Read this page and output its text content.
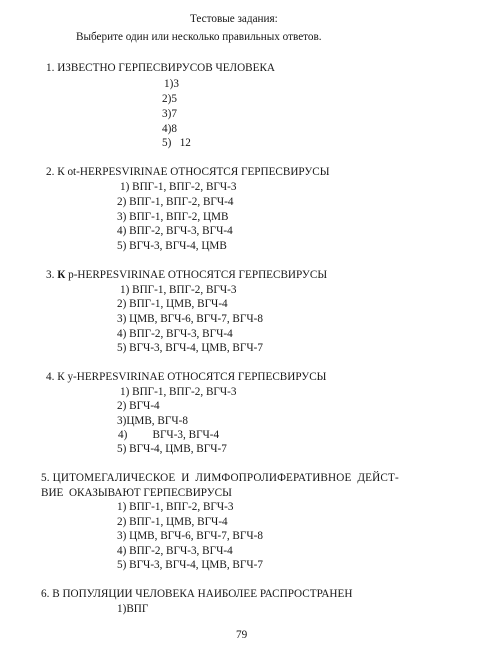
Тестовые задания:

Выберите один или несколько правильных ответов.

1. ИЗВЕСТНО ГЕРПЕСВИРУСОВ ЧЕЛОВЕКА

1)3

2)5

3)7

4)8

5)   12

2. К ot-HERPESVIRINAE ОТНОСЯТСЯ ГЕРПЕСВИРУСЫ

1) ВПГ-1, ВПГ-2, ВГЧ-3

2) ВПГ-1, ВПГ-2, ВГЧ-4

3) ВПГ-1, ВПГ-2, ЦМВ

4) ВПГ-2, ВГЧ-3, ВГЧ-4

5) ВГЧ-3, ВГЧ-4, ЦМВ

3. К p-HERPESVIRINAE ОТНОСЯТСЯ ГЕРПЕСВИРУСЫ

1) ВПГ-1, ВПГ-2, ВГЧ-3

2) ВПГ-1, ЦМВ, ВГЧ-4

3) ЦМВ, ВГЧ-6, ВГЧ-7, ВГЧ-8

4) ВПГ-2, ВГЧ-3, ВГЧ-4

5) ВГЧ-3, ВГЧ-4, ЦМВ, ВГЧ-7

4. К y-HERPESVIRINAE ОТНОСЯТСЯ ГЕРПЕСВИРУСЫ

1) ВПГ-1, ВПГ-2, ВГЧ-3

2) ВГЧ-4

3)ЦМВ, ВГЧ-8

4)         ВГЧ-3, ВГЧ-4

5) ВГЧ-4, ЦМВ, ВГЧ-7

5. ЦИТОМЕГАЛИЧЕСКОЕ  И  ЛИМФОПРОЛИФЕРАТИВНОЕ  ДЕЙСТ-

ВИЕ  ОКАЗЫВАЮТ ГЕРПЕСВИРУСЫ

1) ВПГ-1, ВПГ-2, ВГЧ-3

2) ВПГ-1, ЦМВ, ВГЧ-4

3) ЦМВ, ВГЧ-6, ВГЧ-7, ВГЧ-8

4) ВПГ-2, ВГЧ-3, ВГЧ-4

5) ВГЧ-3, ВГЧ-4, ЦМВ, ВГЧ-7

6. В ПОПУЛЯЦИИ ЧЕЛОВЕКА НАИБОЛЕЕ РАСПРОСТРАНЕН

1)ВПГ

79
